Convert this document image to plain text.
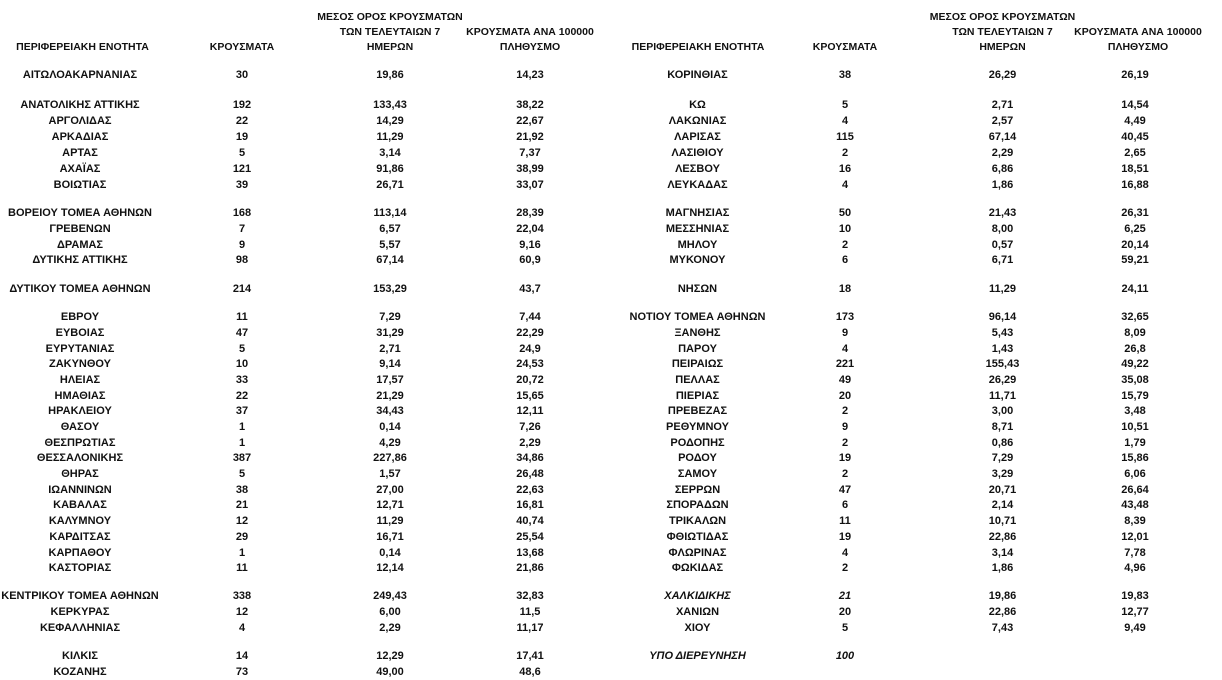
ΠΕΡΙΦΕΡΕΙΑΚΗ ΕΝΟΤΗΤΑ	ΚΡΟΥΣΜΑΤΑ
ΜΕΣΟΣ ΟΡΟΣ ΚΡΟΥΣΜΑΤΩΝ
ΤΩΝ ΤΕΛΕΥΤΑΙΩΝ 7
ΗΜΕΡΩΝ
ΚΡΟΥΣΜΑΤΑ ΑΝΑ 100000
ΠΛΗΘΥΣΜΟ
ΑΙΤΩΛΟΑΚΑΡΝΑΝΙΑΣ	30	19,86	14,23
ΑΝΑΤΟΛΙΚΗΣ ΑΤΤΙΚΗΣ	192	133,43	38,22
ΑΡΓΟΛΙΔΑΣ	22	14,29	22,67
ΑΡΚΑΔΙΑΣ	19	11,29	21,92
ΑΡΤΑΣ	5	3,14	7,37
ΑΧΑΪΑΣ	121	91,86	38,99
ΒΟΙΩΤΙΑΣ	39	26,71	33,07
ΒΟΡΕΙΟΥ ΤΟΜΕΑ ΑΘΗΝΩΝ	168	113,14	28,39
ΓΡΕΒΕΝΩΝ	7	6,57	22,04
ΔΡΑΜΑΣ	9	5,57	9,16
ΔΥΤΙΚΗΣ ΑΤΤΙΚΗΣ	98	67,14	60,9
ΔΥΤΙΚΟΥ ΤΟΜΕΑ ΑΘΗΝΩΝ	214	153,29	43,7
ΕΒΡΟΥ	11	7,29	7,44
ΕΥΒΟΙΑΣ	47	31,29	22,29
ΕΥΡΥΤΑΝΙΑΣ	5	2,71	24,9
ΖΑΚΥΝΘΟΥ	10	9,14	24,53
ΗΛΕΙΑΣ	33	17,57	20,72
ΗΜΑΘΙΑΣ	22	21,29	15,65
ΗΡΑΚΛΕΙΟΥ	37	34,43	12,11
ΘΑΣΟΥ	1	0,14	7,26
ΘΕΣΠΡΩΤΙΑΣ	1	4,29	2,29
ΘΕΣΣΑΛΟΝΙΚΗΣ	387	227,86	34,86
ΘΗΡΑΣ	5	1,57	26,48
ΙΩΑΝΝΙΝΩΝ	38	27,00	22,63
ΚΑΒΑΛΑΣ	21	12,71	16,81
ΚΑΛΥΜΝΟΥ	12	11,29	40,74
ΚΑΡΔΙΤΣΑΣ	29	16,71	25,54
ΚΑΡΠΑΘΟΥ	1	0,14	13,68
ΚΑΣΤΟΡΙΑΣ	11	12,14	21,86
ΚΕΝΤΡΙΚΟΥ ΤΟΜΕΑ ΑΘΗΝΩΝ	338	249,43	32,83
ΚΕΡΚΥΡΑΣ	12	6,00	11,5
ΚΕΦΑΛΛΗΝΙΑΣ	4	2,29	11,17
ΚΙΛΚΙΣ	14	12,29	17,41
ΚΟΖΑΝΗΣ	73	49,00	48,6
ΠΕΡΙΦΕΡΕΙΑΚΗ ΕΝΟΤΗΤΑ	ΚΡΟΥΣΜΑΤΑ
ΜΕΣΟΣ ΟΡΟΣ ΚΡΟΥΣΜΑΤΩΝ
ΤΩΝ ΤΕΛΕΥΤΑΙΩΝ 7
ΗΜΕΡΩΝ
ΚΡΟΥΣΜΑΤΑ ΑΝΑ 100000
ΠΛΗΘΥΣΜΟ
ΚΟΡΙΝΘΙΑΣ	38	26,29	26,19
ΚΩ	5	2,71	14,54
ΛΑΚΩΝΙΑΣ	4	2,57	4,49
ΛΑΡΙΣΑΣ	115	67,14	40,45
ΛΑΣΙΘΙΟΥ	2	2,29	2,65
ΛΕΣΒΟΥ	16	6,86	18,51
ΛΕΥΚΑΔΑΣ	4	1,86	16,88
ΜΑΓΝΗΣΙΑΣ	50	21,43	26,31
ΜΕΣΣΗΝΙΑΣ	10	8,00	6,25
ΜΗΛΟΥ	2	0,57	20,14
ΜΥΚΟΝΟΥ	6	6,71	59,21
ΝΗΣΩΝ	18	11,29	24,11
ΝΟΤΙΟΥ ΤΟΜΕΑ ΑΘΗΝΩΝ	173	96,14	32,65
ΞΑΝΘΗΣ	9	5,43	8,09
ΠΑΡΟΥ	4	1,43	26,8
ΠΕΙΡΑΙΩΣ	221	155,43	49,22
ΠΕΛΛΑΣ	49	26,29	35,08
ΠΙΕΡΙΑΣ	20	11,71	15,79
ΠΡΕΒΕΖΑΣ	2	3,00	3,48
ΡΕΘΥΜΝΟΥ	9	8,71	10,51
ΡΟΔΟΠΗΣ	2	0,86	1,79
ΡΟΔΟΥ	19	7,29	15,86
ΣΑΜΟΥ	2	3,29	6,06
ΣΕΡΡΩΝ	47	20,71	26,64
ΣΠΟΡΑΔΩΝ	6	2,14	43,48
ΤΡΙΚΑΛΩΝ	11	10,71	8,39
ΦΘΙΩΤΙΔΑΣ	19	22,86	12,01
ΦΛΩΡΙΝΑΣ	4	3,14	7,78
ΦΩΚΙΔΑΣ	2	1,86	4,96
ΧΑΛΚΙΔΙΚΗΣ	21	19,86	19,83
ΧΑΝΙΩΝ	20	22,86	12,77
ΧΙΟΥ	5	7,43	9,49
ΥΠΟ ΔΙΕΡΕΥΝΗΣΗ	100
